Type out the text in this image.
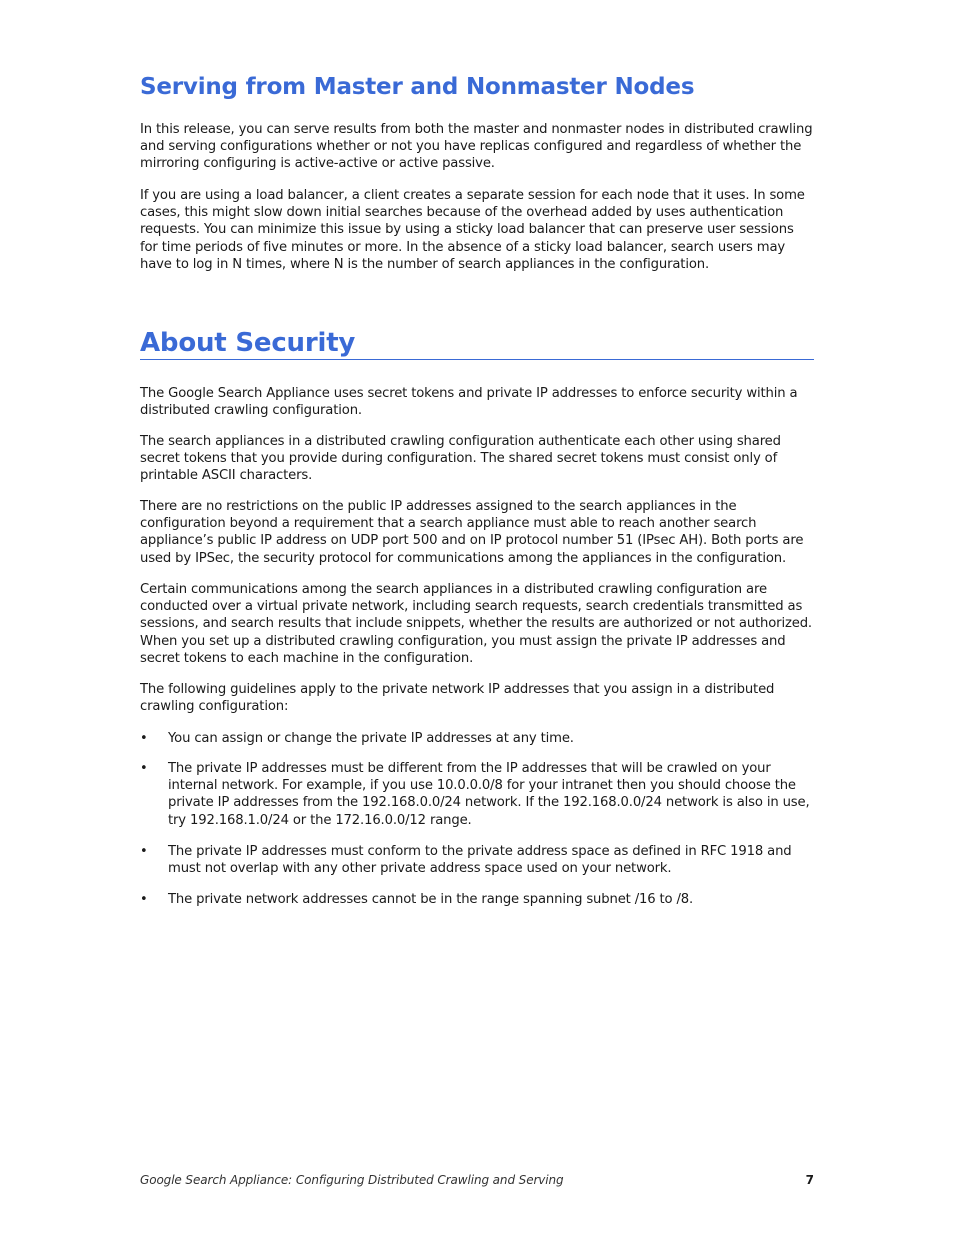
Serving from Master and Nonmaster Nodes

In this release, you can serve results from both the master and nonmaster nodes in distributed crawling and serving configurations whether or not you have replicas configured and regardless of whether the mirroring configuring is active-active or active passive.

If you are using a load balancer, a client creates a separate session for each node that it uses. In some cases, this might slow down initial searches because of the overhead added by uses authentication requests. You can minimize this issue by using a sticky load balancer that can preserve user sessions for time periods of five minutes or more. In the absence of a sticky load balancer, search users may have to log in N times, where N is the number of search appliances in the configuration.

About Security

The Google Search Appliance uses secret tokens and private IP addresses to enforce security within a distributed crawling configuration.

The search appliances in a distributed crawling configuration authenticate each other using shared secret tokens that you provide during configuration. The shared secret tokens must consist only of printable ASCII characters.

There are no restrictions on the public IP addresses assigned to the search appliances in the configuration beyond a requirement that a search appliance must able to reach another search appliance’s public IP address on UDP port 500 and on IP protocol number 51 (IPsec AH). Both ports are used by IPSec, the security protocol for communications among the appliances in the configuration.

Certain communications among the search appliances in a distributed crawling configuration are conducted over a virtual private network, including search requests, search credentials transmitted as sessions, and search results that include snippets, whether the results are authorized or not authorized. When you set up a distributed crawling configuration, you must assign the private IP addresses and secret tokens to each machine in the configuration.

The following guidelines apply to the private network IP addresses that you assign in a distributed crawling configuration:

• You can assign or change the private IP addresses at any time.

• The private IP addresses must be different from the IP addresses that will be crawled on your internal network. For example, if you use 10.0.0.0/8 for your intranet then you should choose the private IP addresses from the 192.168.0.0/24 network. If the 192.168.0.0/24 network is also in use, try 192.168.1.0/24 or the 172.16.0.0/12 range.

• The private IP addresses must conform to the private address space as defined in RFC 1918 and must not overlap with any other private address space used on your network.

• The private network addresses cannot be in the range spanning subnet /16 to /8.

Google Search Appliance: Configuring Distributed Crawling and Serving	7
